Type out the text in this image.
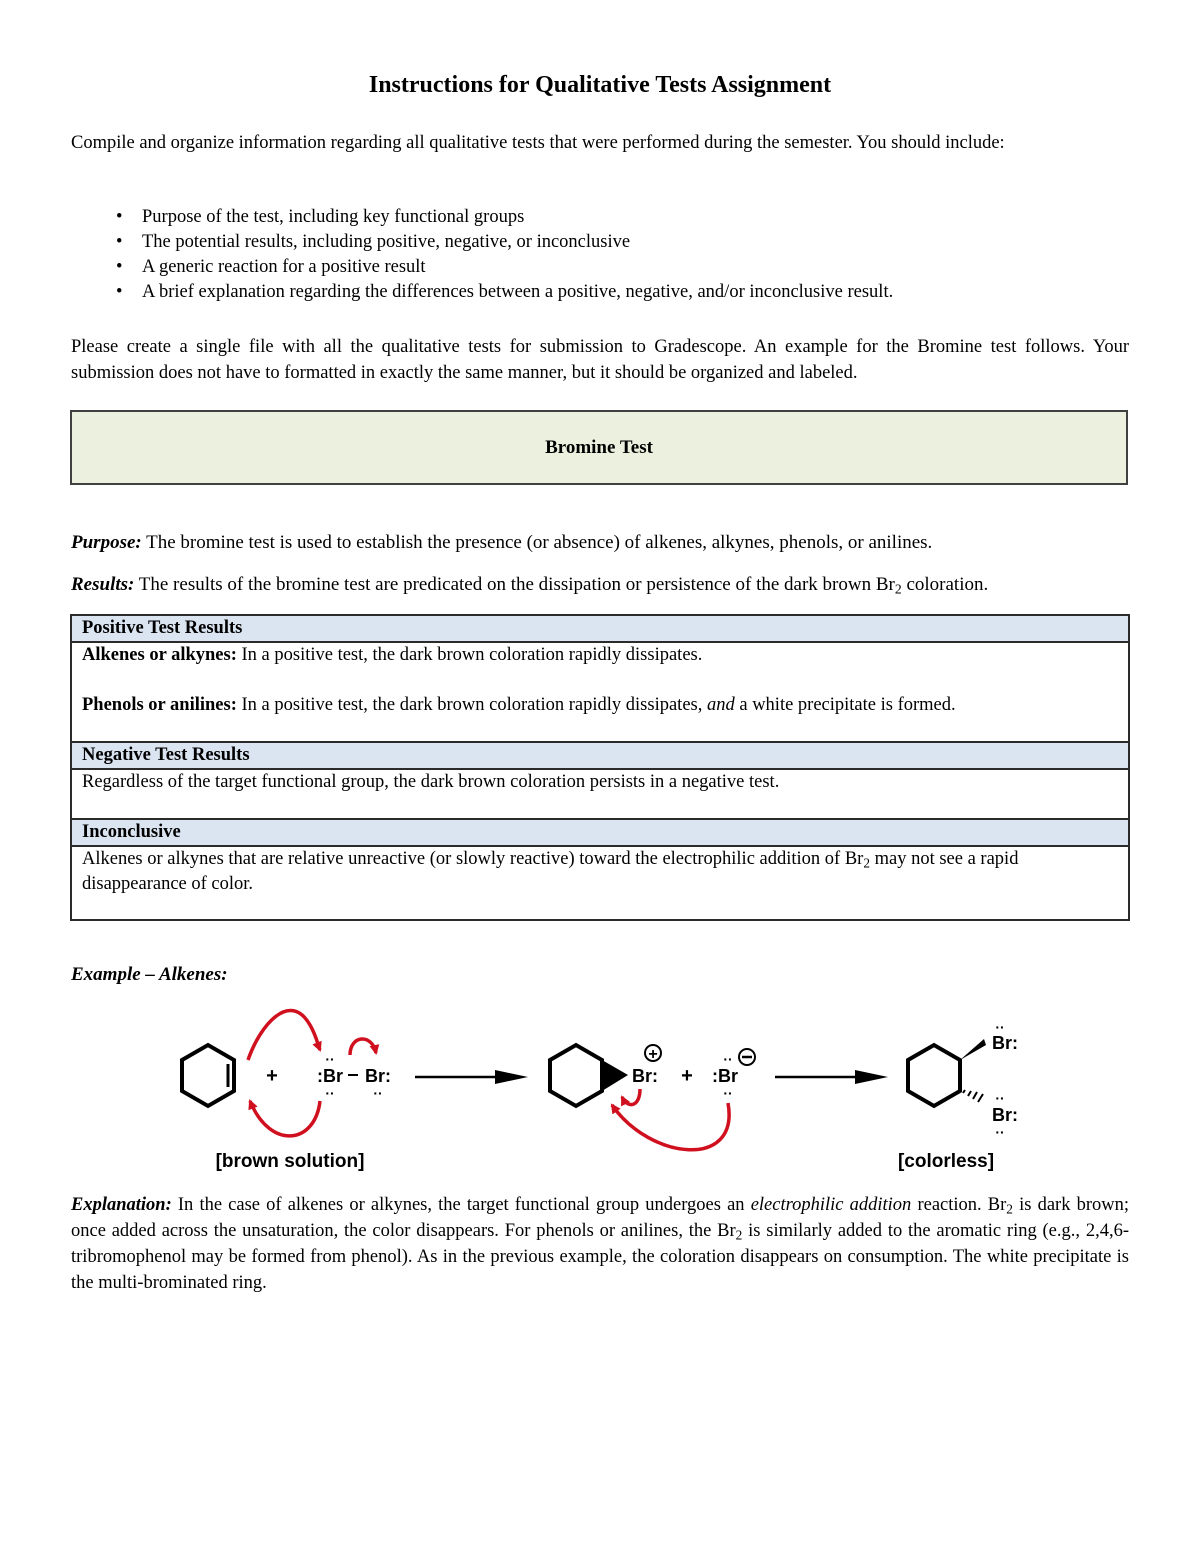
Instructions for Qualitative Tests Assignment
Compile and organize information regarding all qualitative tests that were performed during the semester. You should include:
• Purpose of the test, including key functional groups
• The potential results, including positive, negative, or inconclusive
• A generic reaction for a positive result
• A brief explanation regarding the differences between a positive, negative, and/or inconclusive result.
Please create a single file with all the qualitative tests for submission to Gradescope. An example for the Bromine test follows. Your submission does not have to formatted in exactly the same manner, but it should be organized and labeled.
Bromine Test
Purpose: The bromine test is used to establish the presence (or absence) of alkenes, alkynes, phenols, or anilines.
Results: The results of the bromine test are predicated on the dissipation or persistence of the dark brown $Br_2$ coloration.
Positive Test Results

Alkenes or alkynes: In a positive test, the dark brown coloration rapidly dissipates.
Phenols or anilines: In a positive test, the dark brown coloration rapidly dissipates, and a white precipitate is formed.

Negative Test Results
Regardless of the target functional group, the dark brown coloration persists in a negative test.
Inconclusive
Alkenes or alkynes that are relative unreactive (or slowly reactive) toward the electrophilic addition of $Br_2$ may not see a rapid disappearance of color.
Example – Alkenes:
+ :Br Br:
··
··	··
Br:
+
+ :Br
··
··
Br:
··
Br:
··
··
[brown solution]	[colorless]
Explanation: In the case of alkenes or alkynes, the target functional group undergoes an electrophilic addition reaction. $Br_2$ is dark brown; once added across the unsaturation, the color disappears. For phenols or anilines, the $Br_2$ is similarly added to the aromatic ring (e.g., 2,4,6-tribromophenol may be formed from phenol). As in the previous example, the coloration disappears on consumption. The white precipitate is the multi-brominated ring.
